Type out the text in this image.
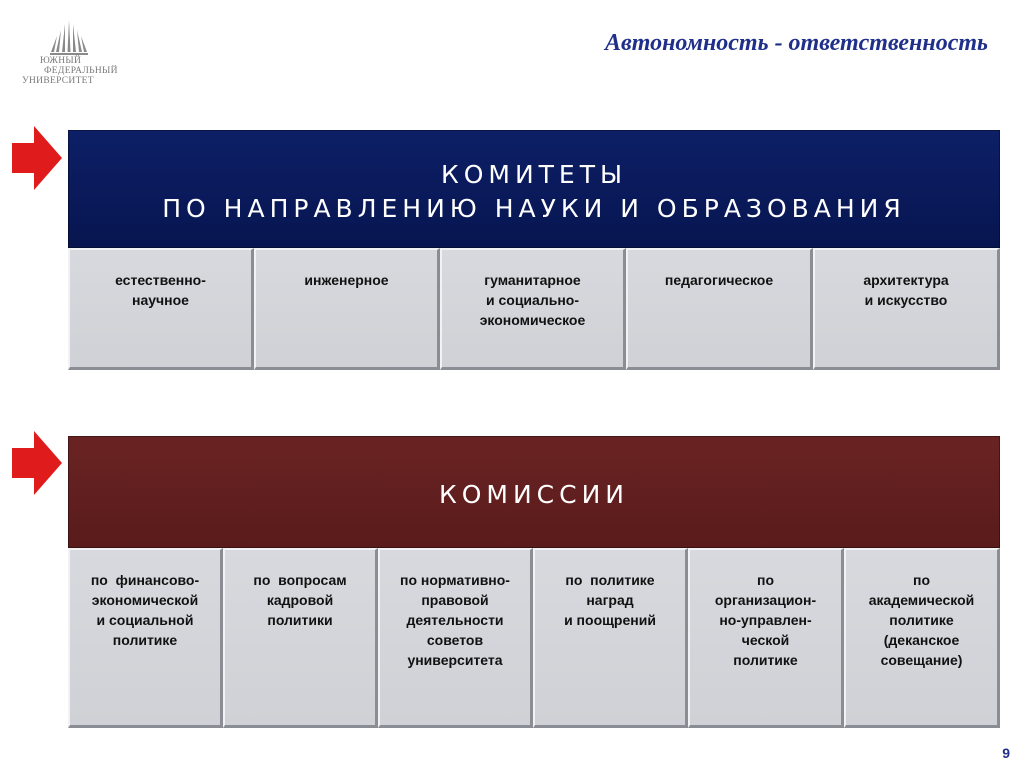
ЮЖНЫЙ
ФЕДЕРАЛЬНЫЙ
УНИВЕРСИТЕТ
Автономность - ответственность
КОМИТЕТЫ
ПО НАПРАВЛЕНИЮ НАУКИ И ОБРАЗОВАНИЯ
естественно-
научное
инженерное	гуманитарное
и социально-
экономическое
педагогическое	архитектура
и искусство
КОМИССИИ
по  финансово-
экономической
и социальной
политике
по  вопросам
кадровой
политики
по нормативно-
правовой
деятельности
советов
университета
по  политике
наград
и поощрений
по
организацион-
но-управлен-
ческой
политике
по
академической
политике
(деканское
совещание)
9
